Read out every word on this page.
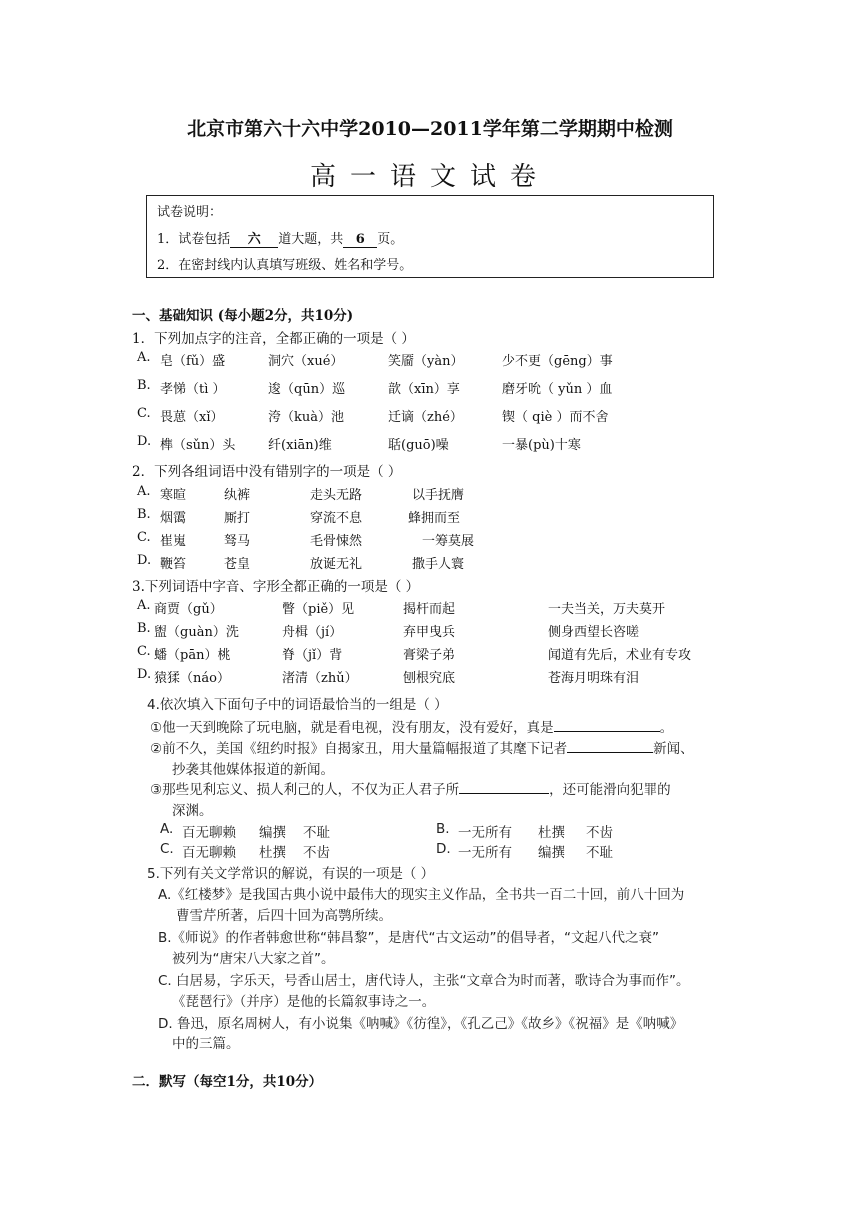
北京市第六十六中学2010—2011学年第二学期期中检测
高一语文试卷
试卷说明：
1．试卷包括 六 道大题，共 6 页。
2．在密封线内认真填写班级、姓名和学号。
一、基础知识 (每小题2分，共10分)
1．下列加点字的注音，全都正确的一项是（ ）
A. 皂（fǔ）盛	洞穴（xué）	笑靥（yàn）	少不更（gēng）事
B. 孝悌（tì ）	逡（qūn）巡	歆（xīn）享	磨牙吮（ yǔn ）血
C. 畏葸（xǐ）	洿（kuà）池	迁谪（zhé）	锲（ qiè ）而不舍
D. 榫（sǔn）头	纤(xiān)维	聒(guō)噪	一暴(pù)十寒
2．下列各组词语中没有错别字的一项是（ ）
A. 寒暄	纨裤	走头无路	以手抚膺
B. 烟霭	厮打	穿流不息	蜂拥而至
C. 崔嵬	驽马	毛骨悚然	一筹莫展
D. 鞭笞	苍皇	放诞无礼	撒手人寰
3.下列词语中字音、字形全都正确的一项是（ ）
A. 商贾（gǔ）	瞥（piě）见	揭杆而起	一夫当关，万夫莫开
B. 盥（guàn）洗	舟楫（jí）	弃甲曳兵	侧身西望长咨嗟
C. 蟠（pān）桃	脊（jǐ）背	膏梁子弟	闻道有先后，术业有专攻
D. 猿猱（náo）	渚清（zhǔ）	刨根究底	苍海月明珠有泪
4.依次填入下面句子中的词语最恰当的一组是（ ）
①他一天到晚除了玩电脑，就是看电视，没有朋友，没有爱好，真是	。
②前不久，美国《纽约时报》自揭家丑，用大量篇幅报道了其麾下记者	新闻、
抄袭其他媒体报道的新闻。
③那些见利忘义、损人利己的人，不仅为正人君子所	，还可能滑向犯罪的
深渊。
A. 百无聊赖 编撰 不耻	B. 一无所有 杜撰 不齿
C. 百无聊赖 杜撰 不齿	D. 一无所有 编撰 不耻
5.下列有关文学常识的解说，有误的一项是（ ）
A.《红楼梦》是我国古典小说中最伟大的现实主义作品，全书共一百二十回，前八十回为
曹雪芹所著，后四十回为高鹗所续。
B.《师说》的作者韩愈世称“韩昌黎”，是唐代“古文运动”的倡导者，“文起八代之衰”
被列为“唐宋八大家之首”。
C. 白居易，字乐天，号香山居士，唐代诗人，主张“文章合为时而著，歌诗合为事而作”。
《琵琶行》（并序）是他的长篇叙事诗之一。
D. 鲁迅，原名周树人，有小说集《呐喊》《彷徨》，《孔乙己》《故乡》《祝福》是《呐喊》
中的三篇。
二．默写（每空1分，共10分）
